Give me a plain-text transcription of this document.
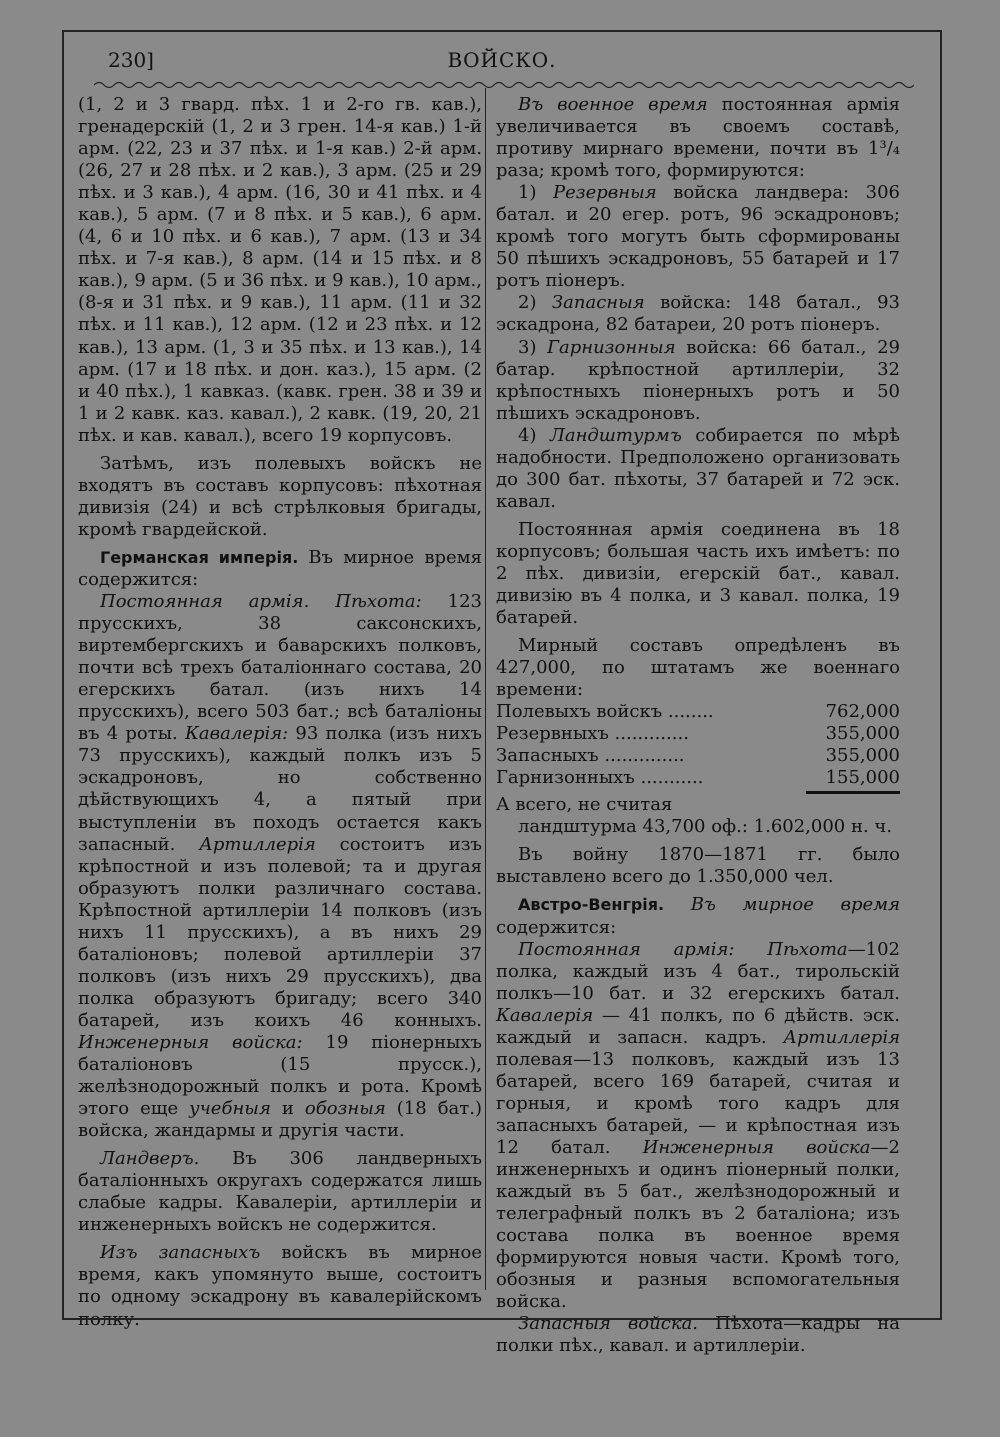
230]	ВОЙСКО.

(1, 2 и 3 гвард. пѣх. 1 и 2-го гв. кав.), гренадерскій (1, 2 и 3 грен. 14-я кав.) 1-й арм. (22, 23 и 37 пѣх. и 1-я кав.) 2-й арм. (26, 27 и 28 пѣх. и 2 кав.), 3 арм. (25 и 29 пѣх. и 3 кав.), 4 арм. (16, 30 и 41 пѣх. и 4 кав.), 5 арм. (7 и 8 пѣх. и 5 кав.), 6 арм. (4, 6 и 10 пѣх. и 6 кав.), 7 арм. (13 и 34 пѣх. и 7-я кав.), 8 арм. (14 и 15 пѣх. и 8 кав.), 9 арм. (5 и 36 пѣх. и 9 кав.), 10 арм., (8-я и 31 пѣх. и 9 кав.), 11 арм. (11 и 32 пѣх. и 11 кав.), 12 арм. (12 и 23 пѣх. и 12 кав.), 13 арм. (1, 3 и 35 пѣх. и 13 кав.), 14 арм. (17 и 18 пѣх. и дон. каз.), 15 арм. (2 и 40 пѣх.), 1 кавказ. (кавк. грен. 38 и 39 и 1 и 2 кавк. каз. кавал.), 2 кавк. (19, 20, 21 пѣх. и кав. кавал.), всего 19 корпусовъ.

Затѣмъ, изъ полевыхъ войскъ не входятъ въ составъ корпусовъ: пѣхотная дивизія (24) и всѣ стрѣлковыя бригады, кромѣ гвардейской.

Германская имперія. Въ мирное время содержится:

Постоянная армія. Пѣхота: 123 прусскихъ, 38 саксонскихъ, виртембергскихъ и баварскихъ полковъ, почти всѣ трехъ баталіоннаго состава, 20 егерскихъ батал. (изъ нихъ 14 прусскихъ), всего 503 бат.; всѣ баталіоны въ 4 роты. Кавалерія: 93 полка (изъ нихъ 73 прусскихъ), каждый полкъ изъ 5 эскадроновъ, но собственно дѣйствующихъ 4, а пятый при выступленіи въ походъ остается какъ запасный. Артиллерія состоитъ изъ крѣпостной и изъ полевой; та и другая образуютъ полки различнаго состава. Крѣпостной артиллеріи 14 полковъ (изъ нихъ 11 прусскихъ), а въ нихъ 29 баталіоновъ; полевой артиллеріи 37 полковъ (изъ нихъ 29 прусскихъ), два полка образуютъ бригаду; всего 340 батарей, изъ коихъ 46 конныхъ. Инженерныя войска: 19 піонерныхъ баталіоновъ (15 прусск.), желѣзнодорожный полкъ и рота. Кромѣ этого еще учебныя и обозныя (18 бат.) войска, жандармы и другія части.

Ландверъ. Въ 306 ландверныхъ баталіонныхъ округахъ содержатся лишь слабые кадры. Кавалеріи, артиллеріи и инженерныхъ войскъ не содержится.

Изъ запасныхъ войскъ въ мирное время, какъ упомянуто выше, состоитъ по одному эскадрону въ кавалерійскомъ полку.

Въ военное время постоянная армія увеличивается въ своемъ составѣ, противу мирнаго времени, почти въ 1³/₄ раза; кромѣ того, формируются:

1) Резервныя войска ландвера: 306 батал. и 20 егер. ротъ, 96 эскадроновъ; кромѣ того могутъ быть сформированы 50 пѣшихъ эскадроновъ, 55 батарей и 17 ротъ піонеръ.

2) Запасныя войска: 148 батал., 93 эскадрона, 82 батареи, 20 ротъ піонеръ.

3) Гарнизонныя войска: 66 батал., 29 батар. крѣпостной артиллеріи, 32 крѣпостныхъ піонерныхъ ротъ и 50 пѣшихъ эскадроновъ.

4) Ландштурмъ собирается по мѣрѣ надобности. Предположено организовать до 300 бат. пѣхоты, 37 батарей и 72 эск. кавал.

Постоянная армія соединена въ 18 корпусовъ; большая часть ихъ имѣетъ: по 2 пѣх. дивизіи, егерскій бат., кавал. дивизію въ 4 полка, и 3 кавал. полка, 19 батарей.

Мирный составъ опредѣленъ въ 427,000, по штатамъ же военнаго времени:

Полевыхъ войскъ ........	762,000
Резервныхъ .............	355,000
Запасныхъ ..............	355,000
Гарнизонныхъ ...........	155,000

А всего, не считая

ландштурма 43,700 оф.: 1.602,000 н. ч.

Въ войну 1870—1871 гг. было выставлено всего до 1.350,000 чел.

Австро-Венгрія. Въ мирное время содержится:

Постоянная армія: Пѣхота—102 полка, каждый изъ 4 бат., тирольскій полкъ—10 бат. и 32 егерскихъ батал. Кавалерія — 41 полкъ, по 6 дѣйств. эск. каждый и запасн. кадръ. Артиллерія полевая—13 полковъ, каждый изъ 13 батарей, всего 169 батарей, считая и горныя, и кромѣ того кадръ для запасныхъ батарей, — и крѣпостная изъ 12 батал. Инженерныя войска—2 инженерныхъ и одинъ піонерный полки, каждый въ 5 бат., желѣзнодорожный и телеграфный полкъ въ 2 баталіона; изъ состава полка въ военное время формируются новыя части. Кромѣ того, обозныя и разныя вспомогательныя войска.

Запасныя войска. Пѣхота—кадры на полки пѣх., кавал. и артиллеріи.
